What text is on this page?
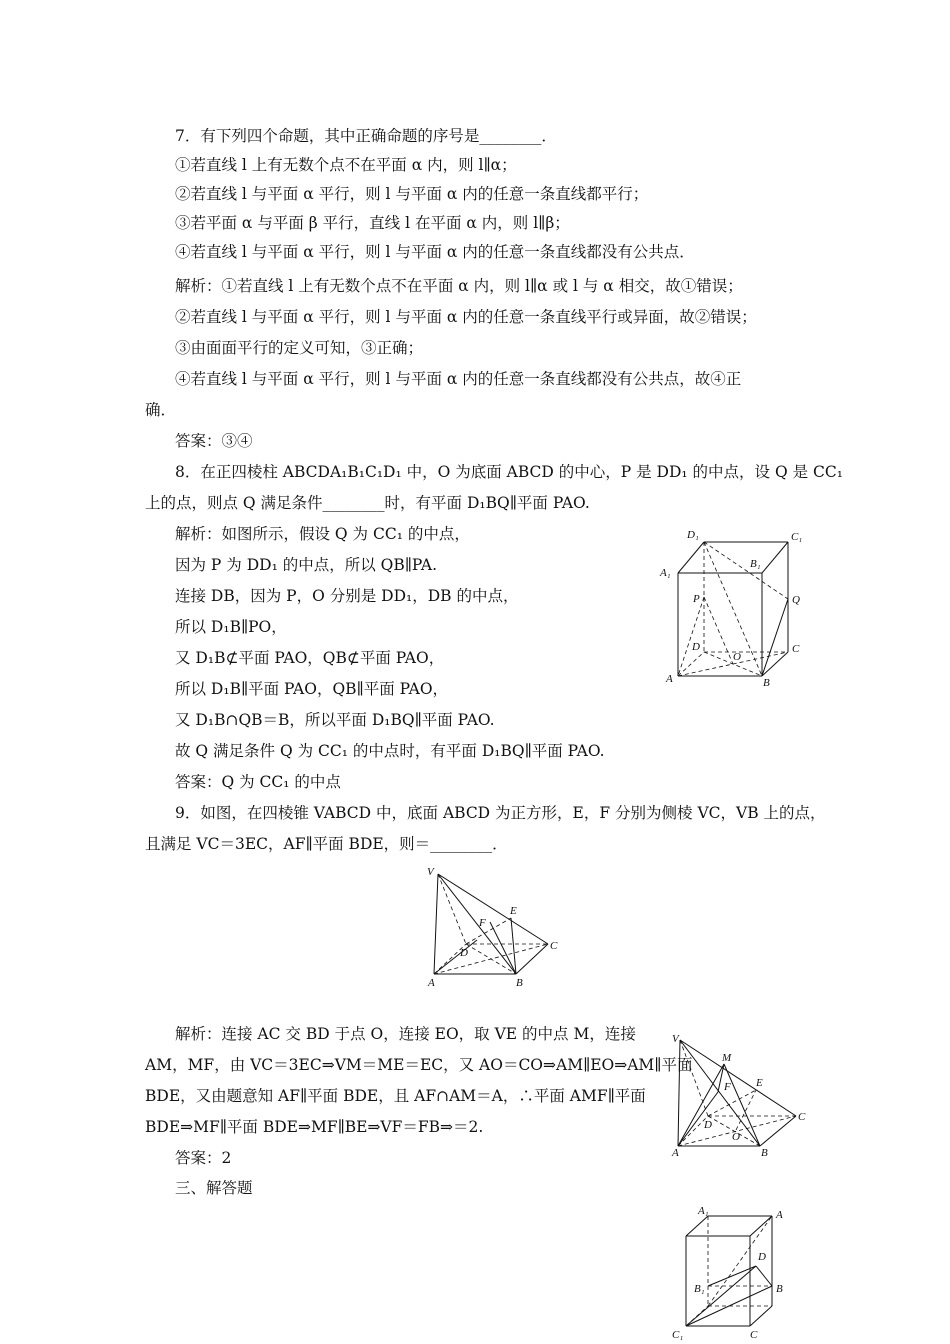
7．有下列四个命题，其中正确命题的序号是________．
①若直线 l 上有无数个点不在平面 α 内，则 l∥α；
②若直线 l 与平面 α 平行，则 l 与平面 α 内的任意一条直线都平行；
③若平面 α 与平面 β 平行，直线 l 在平面 α 内，则 l∥β；
④若直线 l 与平面 α 平行，则 l 与平面 α 内的任意一条直线都没有公共点．
解析：①若直线 l 上有无数个点不在平面 α 内，则 l∥α 或 l 与 α 相交，故①错误；
②若直线 l 与平面 α 平行，则 l 与平面 α 内的任意一条直线平行或异面，故②错误；
③由面面平行的定义可知，③正确；
④若直线 l 与平面 α 平行，则 l 与平面 α 内的任意一条直线都没有公共点，故④正
确．
答案：③④
8．在正四棱柱 ABCDA₁B₁C₁D₁ 中，O 为底面 ABCD 的中心，P 是 DD₁ 的中点，设 Q 是 CC₁
上的点，则点 Q 满足条件________时，有平面 D₁BQ∥平面 PAO.
解析：如图所示，假设 Q 为 CC₁ 的中点，
因为 P 为 DD₁ 的中点，所以 QB∥PA.
连接 DB，因为 P，O 分别是 DD₁，DB 的中点，
所以 D₁B∥PO，
又 D₁B⊄平面 PAO，QB⊄平面 PAO，
所以 D₁B∥平面 PAO，QB∥平面 PAO，
又 D₁B∩QB＝B，所以平面 D₁BQ∥平面 PAO.
故 Q 满足条件 Q 为 CC₁ 的中点时，有平面 D₁BQ∥平面 PAO.
答案：Q 为 CC₁ 的中点
D₁	C₁
A₁
B₁
P	Q
D
O
C
A	B
9．如图，在四棱锥 VABCD 中，底面 ABCD 为正方形，E，F 分别为侧棱 VC，VB 上的点，
且满足 VC＝3EC，AF∥平面 BDE，则＝________．
V
F
E
D
C
A	B
解析：连接 AC 交 BD 于点 O，连接 EO，取 VE 的中点 M，连接
AM，MF，由 VC＝3EC⇒VM＝ME＝EC，又 AO＝CO⇒AM∥EO⇒AM∥平面
BDE，又由题意知 AF∥平面 BDE，且 AF∩AM＝A，∴平面 AMF∥平面
BDE⇒MF∥平面 BDE⇒MF∥BE⇒VF＝FB⇒＝2.
答案：2
V
M
F E
D
O
C
A	B
三、解答题
A₁	A
D
B₁	B
C₁	C
